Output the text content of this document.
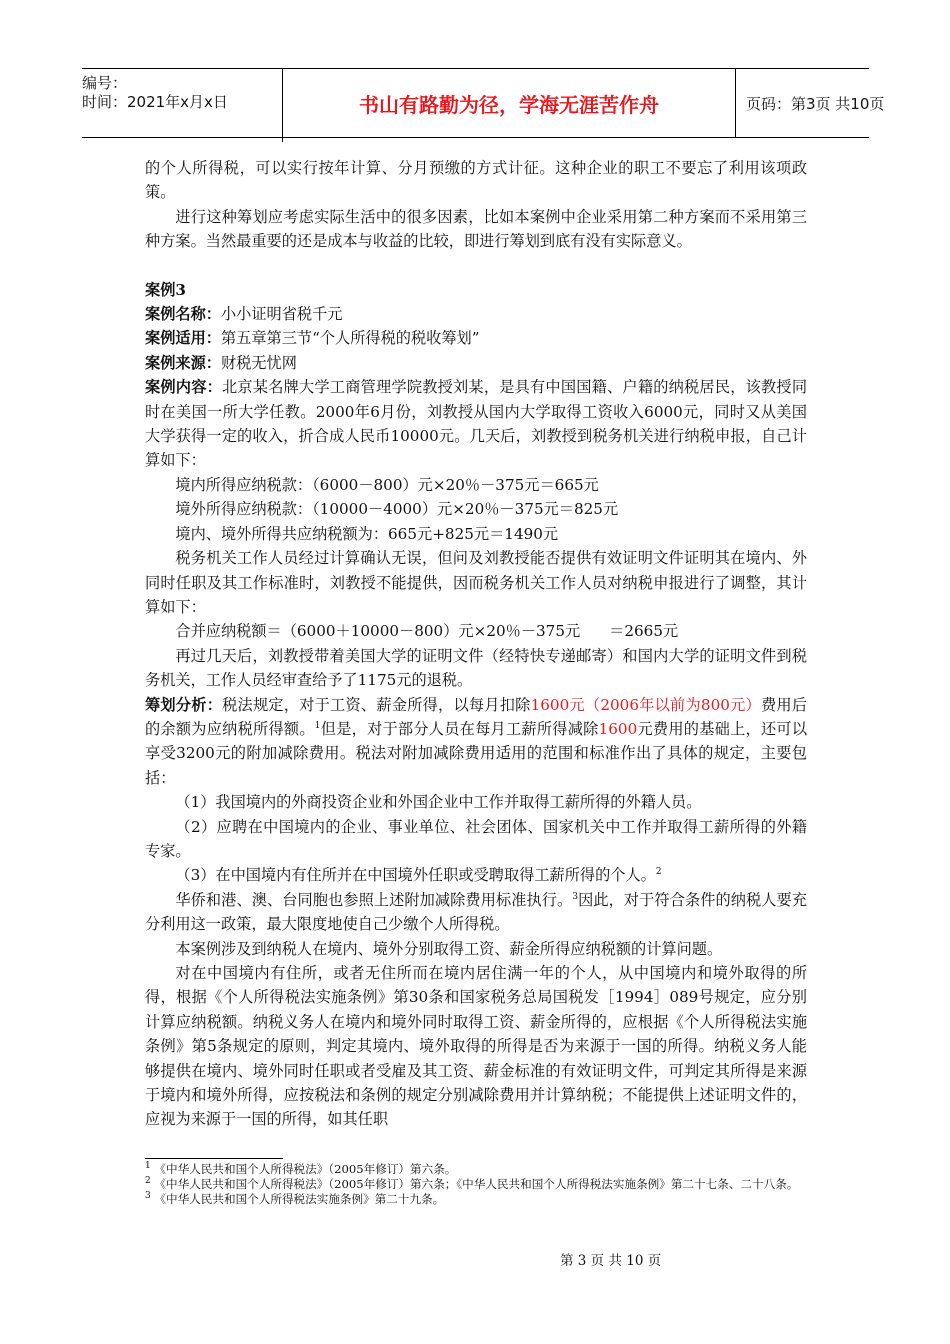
编号：
时间：2021年x月x日	书山有路勤为径，学海无涯苦作舟	页码：第3页 共10页

的个人所得税，可以实行按年计算、分月预缴的方式计征。这种企业的职工不要忘了利用该项政策。

进行这种筹划应考虑实际生活中的很多因素，比如本案例中企业采用第二种方案而不采用第三种方案。当然最重要的还是成本与收益的比较，即进行筹划到底有没有实际意义。

案例3

案例名称：小小证明省税千元

案例适用：第五章第三节“个人所得税的税收筹划”

案例来源：财税无忧网

案例内容：北京某名牌大学工商管理学院教授刘某，是具有中国国籍、户籍的纳税居民，该教授同时在美国一所大学任教。2000年6月份，刘教授从国内大学取得工资收入6000元，同时又从美国大学获得一定的收入，折合成人民币10000元。几天后，刘教授到税务机关进行纳税申报，自己计算如下：

境内所得应纳税款：（6000－800）元×20％－375元＝665元

境外所得应纳税款：（10000－4000）元×20％－375元＝825元

境内、境外所得共应纳税额为：665元+825元＝1490元

税务机关工作人员经过计算确认无误，但问及刘教授能否提供有效证明文件证明其在境内、外同时任职及其工作标准时，刘教授不能提供，因而税务机关工作人员对纳税申报进行了调整，其计算如下：

合并应纳税额＝（6000＋10000－800）元×20％－375元      ＝2665元

再过几天后，刘教授带着美国大学的证明文件（经特快专递邮寄）和国内大学的证明文件到税务机关，工作人员经审查给予了1175元的退税。

筹划分析：税法规定，对于工资、薪金所得，以每月扣除1600元（2006年以前为800元）费用后的余额为应纳税所得额。$^1$但是，对于部分人员在每月工薪所得减除1600元费用的基础上，还可以享受3200元的附加减除费用。税法对附加减除费用适用的范围和标准作出了具体的规定，主要包括：

（1）我国境内的外商投资企业和外国企业中工作并取得工薪所得的外籍人员。

（2）应聘在中国境内的企业、事业单位、社会团体、国家机关中工作并取得工薪所得的外籍专家。

（3）在中国境内有住所并在中国境外任职或受聘取得工薪所得的个人。$^2$

华侨和港、澳、台同胞也参照上述附加减除费用标准执行。$^3$因此，对于符合条件的纳税人要充分利用这一政策，最大限度地使自己少缴个人所得税。

本案例涉及到纳税人在境内、境外分别取得工资、薪金所得应纳税额的计算问题。

对在中国境内有住所，或者无住所而在境内居住满一年的个人，从中国境内和境外取得的所得，根据《个人所得税法实施条例》第30条和国家税务总局国税发［1994］089号规定，应分别计算应纳税额。纳税义务人在境内和境外同时取得工资、薪金所得的，应根据《个人所得税法实施条例》第5条规定的原则，判定其境内、境外取得的所得是否为来源于一国的所得。纳税义务人能够提供在境内、境外同时任职或者受雇及其工资、薪金标准的有效证明文件，可判定其所得是来源于境内和境外所得，应按税法和条例的规定分别减除费用并计算纳税；不能提供上述证明文件的，应视为来源于一国的所得，如其任职

$^1$ 《中华人民共和国个人所得税法》（2005年修订）第六条。

$^2$ 《中华人民共和国个人所得税法》（2005年修订）第六条；《中华人民共和国个人所得税法实施条例》第二十七条、二十八条。

$^3$ 《中华人民共和国个人所得税法实施条例》第二十九条。

第 3 页 共 10 页
